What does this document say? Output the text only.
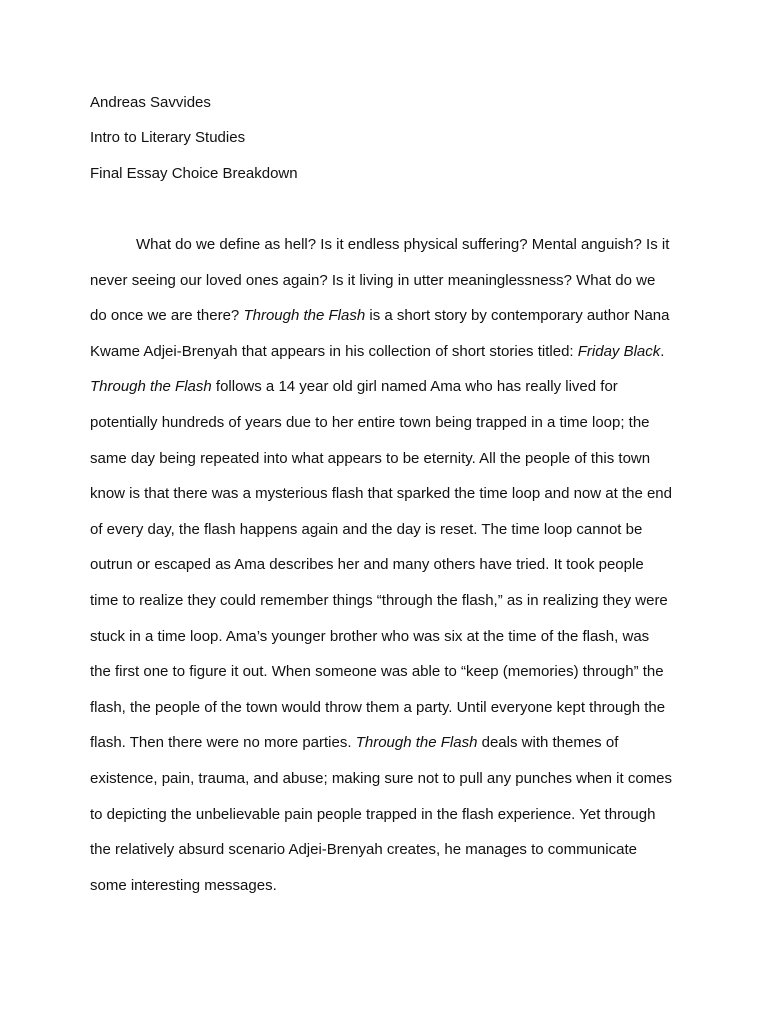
Andreas Savvides
Intro to Literary Studies
Final Essay Choice Breakdown
What do we define as hell? Is it endless physical suffering? Mental anguish? Is it
never seeing our loved ones again? Is it living in utter meaninglessness? What do we
do once we are there? Through the Flash is a short story by contemporary author Nana
Kwame Adjei-Brenyah that appears in his collection of short stories titled: Friday Black.
Through the Flash follows a 14 year old girl named Ama who has really lived for
potentially hundreds of years due to her entire town being trapped in a time loop; the
same day being repeated into what appears to be eternity. All the people of this town
know is that there was a mysterious flash that sparked the time loop and now at the end
of every day, the flash happens again and the day is reset. The time loop cannot be
outrun or escaped as Ama describes her and many others have tried. It took people
time to realize they could remember things “through the flash,” as in realizing they were
stuck in a time loop. Ama’s younger brother who was six at the time of the flash, was
the first one to figure it out. When someone was able to “keep (memories) through” the
flash, the people of the town would throw them a party. Until everyone kept through the
flash. Then there were no more parties. Through the Flash deals with themes of
existence, pain, trauma, and abuse; making sure not to pull any punches when it comes
to depicting the unbelievable pain people trapped in the flash experience. Yet through
the relatively absurd scenario Adjei-Brenyah creates, he manages to communicate
some interesting messages.
